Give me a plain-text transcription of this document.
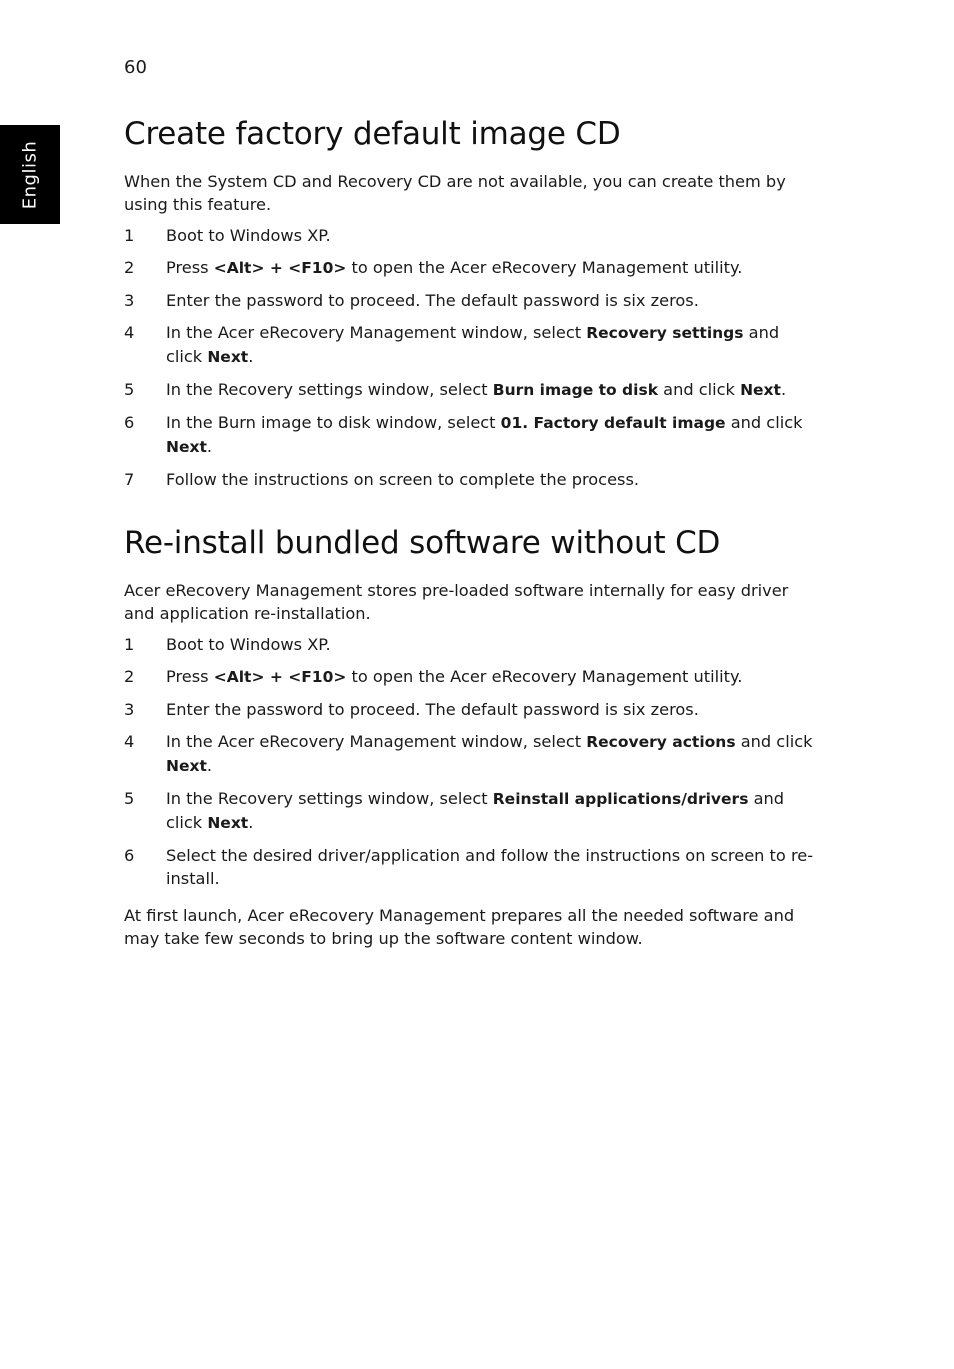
60
English
Create factory default image CD

When the System CD and Recovery CD are not available, you can create them by using this feature.

1 Boot to Windows XP.
2 Press <Alt> + <F10> to open the Acer eRecovery Management utility.
3 Enter the password to proceed. The default password is six zeros.
4 In the Acer eRecovery Management window, select Recovery settings and click Next.
5 In the Recovery settings window, select Burn image to disk and click Next.
6 In the Burn image to disk window, select 01. Factory default image and click Next.
7 Follow the instructions on screen to complete the process.
Re-install bundled software without CD

Acer eRecovery Management stores pre-loaded software internally for easy driver and application re-installation.

1 Boot to Windows XP.
2 Press <Alt> + <F10> to open the Acer eRecovery Management utility.
3 Enter the password to proceed. The default password is six zeros.
4 In the Acer eRecovery Management window, select Recovery actions and click Next.
5 In the Recovery settings window, select Reinstall applications/drivers and click Next.
6 Select the desired driver/application and follow the instructions on screen to re-install.

At first launch, Acer eRecovery Management prepares all the needed software and may take few seconds to bring up the software content window.
